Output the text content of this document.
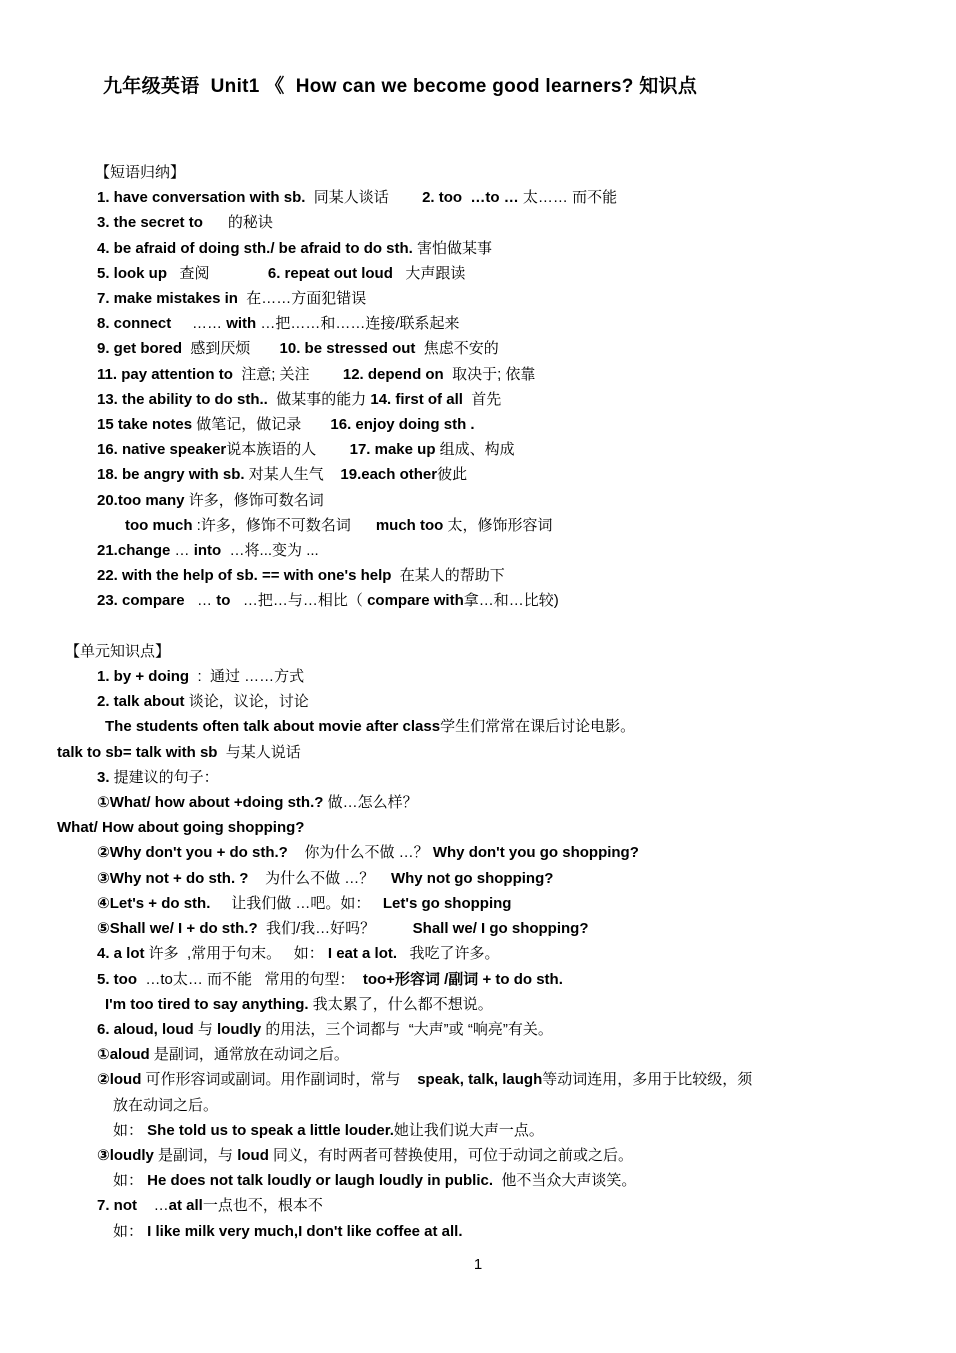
九年级英语  Unit1 《  How can we become good learners? 知识点
【短语归纳】
1. have conversation with sb.  同某人谈话        2. too  …to … 太…… 而不能
3. the secret to      的秘诀
4. be afraid of doing sth./ be afraid to do sth. 害怕做某事
5. look up   查阅              6. repeat out loud   大声跟读
7. make mistakes in  在……方面犯错误
8. connect     …… with …把……和……连接/联系起来
9. get bored  感到厌烦       10. be stressed out  焦虑不安的
11. pay attention to  注意; 关注        12. depend on  取决于; 依靠
13. the ability to do sth..  做某事的能力 14. first of all  首先
15 take notes 做笔记，做记录       16. enjoy doing sth .
16. native speaker说本族语的人        17. make up 组成、构成
18. be angry with sb. 对某人生气    19.each other彼此
20.too many 许多，修饰可数名词
too much :许多，修饰不可数名词      much too 太，修饰形容词
21.change … into  …将...变为 ...
22. with the help of sb. == with one's help  在某人的帮助下
23. compare   … to   …把…与…相比（ compare with拿…和…比较)

【单元知识点】
1. by + doing  :  通过 ……方式
2. talk about 谈论，议论，讨论
The students often talk about movie after class学生们常常在课后讨论电影。
talk to sb= talk with sb  与某人说话
3. 提建议的句子：
①What/ how about +doing sth.? 做…怎么样？
What/ How about going shopping?
②Why don't you + do sth.?    你为什么不做 …？ Why don't you go shopping?
③Why not + do sth. ?    为什么不做 …？    Why not go shopping?
④Let's + do sth.     让我们做 …吧。如：   Let's go shopping
⑤Shall we/ I + do sth.?  我们/我…好吗？         Shall we/ I go shopping?
4. a lot 许多  ,常用于句末。   如： I eat a lot.   我吃了许多。
5. too  …to太… 而不能   常用的句型：  too+形容词 /副词 + to do sth.
I'm too tired to say anything. 我太累了，什么都不想说。
6. aloud, loud 与 loudly 的用法，三个词都与  “大声”或 “响亮”有关。
①aloud 是副词，通常放在动词之后。
②loud 可作形容词或副词。用作副词时，常与    speak, talk, laugh等动词连用，多用于比较级，须
放在动词之后。
如： She told us to speak a little louder.她让我们说大声一点。
③loudly 是副词，与 loud 同义，有时两者可替换使用，可位于动词之前或之后。
如： He does not talk loudly or laugh loudly in public.  他不当众大声谈笑。
7. not    …at all一点也不，根本不
如： I like milk very much,I don't like coffee at all.
1
